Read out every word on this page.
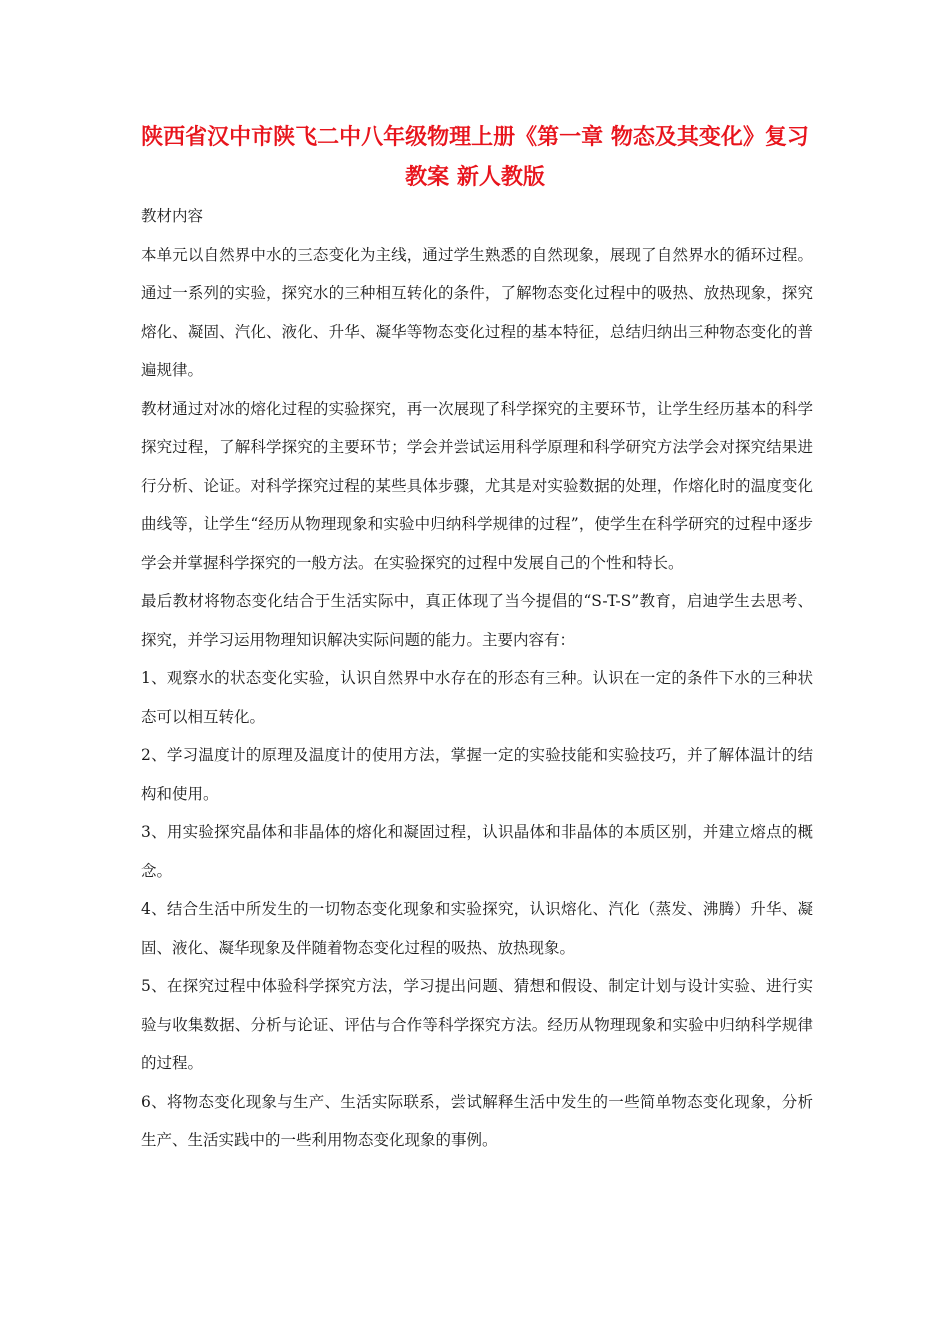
陕西省汉中市陕飞二中八年级物理上册《第一章 物态及其变化》复习教案 新人教版

教材内容

本单元以自然界中水的三态变化为主线，通过学生熟悉的自然现象，展现了自然界水的循环过程。通过一系列的实验，探究水的三种相互转化的条件，了解物态变化过程中的吸热、放热现象，探究熔化、凝固、汽化、液化、升华、凝华等物态变化过程的基本特征，总结归纳出三种物态变化的普遍规律。

教材通过对冰的熔化过程的实验探究，再一次展现了科学探究的主要环节，让学生经历基本的科学探究过程，了解科学探究的主要环节；学会并尝试运用科学原理和科学研究方法学会对探究结果进行分析、论证。对科学探究过程的某些具体步骤，尤其是对实验数据的处理，作熔化时的温度变化曲线等，让学生“经历从物理现象和实验中归纳科学规律的过程”，使学生在科学研究的过程中逐步学会并掌握科学探究的一般方法。在实验探究的过程中发展自己的个性和特长。

最后教材将物态变化结合于生活实际中，真正体现了当今提倡的“S-T-S”教育，启迪学生去思考、探究，并学习运用物理知识解决实际问题的能力。主要内容有：

1、观察水的状态变化实验，认识自然界中水存在的形态有三种。认识在一定的条件下水的三种状态可以相互转化。

2、学习温度计的原理及温度计的使用方法，掌握一定的实验技能和实验技巧，并了解体温计的结构和使用。

3、用实验探究晶体和非晶体的熔化和凝固过程，认识晶体和非晶体的本质区别，并建立熔点的概念。

4、结合生活中所发生的一切物态变化现象和实验探究，认识熔化、汽化（蒸发、沸腾）升华、凝固、液化、凝华现象及伴随着物态变化过程的吸热、放热现象。

5、在探究过程中体验科学探究方法，学习提出问题、猜想和假设、制定计划与设计实验、进行实验与收集数据、分析与论证、评估与合作等科学探究方法。经历从物理现象和实验中归纳科学规律的过程。

6、将物态变化现象与生产、生活实际联系，尝试解释生活中发生的一些简单物态变化现象，分析生产、生活实践中的一些利用物态变化现象的事例。
